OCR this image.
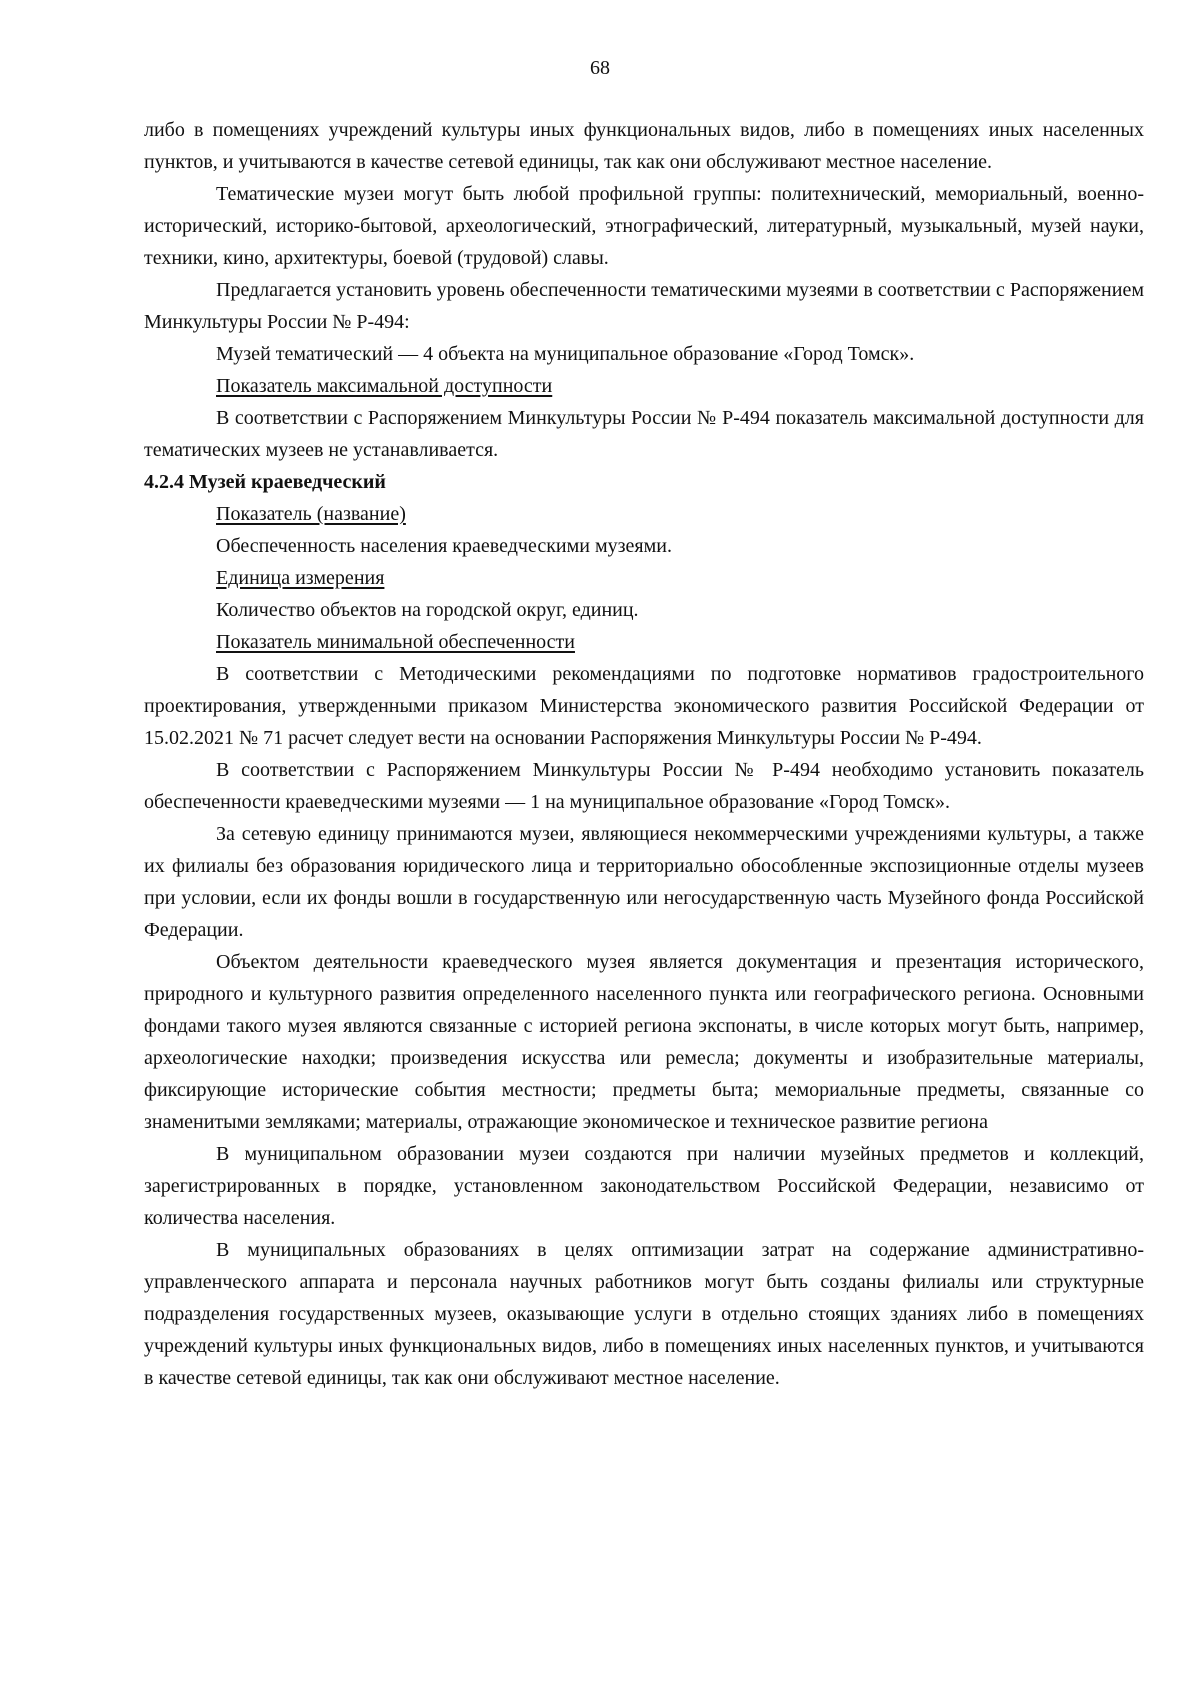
68

либо в помещениях учреждений культуры иных функциональных видов, либо в помещениях иных населенных пунктов, и учитываются в качестве сетевой единицы, так как они обслуживают местное население.

Тематические музеи могут быть любой профильной группы: политехнический, мемориальный, военно-исторический, историко-бытовой, археологический, этнографический, литературный, музыкальный, музей науки, техники, кино, архитектуры, боевой (трудовой) славы.

Предлагается установить уровень обеспеченности тематическими музеями в соответствии с Распоряжением Минкультуры России № Р-494:

Музей тематический — 4 объекта на муниципальное образование «Город Томск».

Показатель максимальной доступности

В соответствии с Распоряжением Минкультуры России № Р-494 показатель максимальной доступности для тематических музеев не устанавливается.

4.2.4 Музей краеведческий

Показатель (название)

Обеспеченность населения краеведческими музеями.

Единица измерения

Количество объектов на городской округ, единиц.

Показатель минимальной обеспеченности

В соответствии с Методическими рекомендациями по подготовке нормативов градостроительного проектирования, утвержденными приказом Министерства экономического развития Российской Федерации от 15.02.2021 № 71 расчет следует вести на основании Распоряжения Минкультуры России № Р-494.

В соответствии с Распоряжением Минкультуры России № Р-494 необходимо установить показатель обеспеченности краеведческими музеями — 1 на муниципальное образование «Город Томск».

За сетевую единицу принимаются музеи, являющиеся некоммерческими учреждениями культуры, а также их филиалы без образования юридического лица и территориально обособленные экспозиционные отделы музеев при условии, если их фонды вошли в государственную или негосударственную часть Музейного фонда Российской Федерации.

Объектом деятельности краеведческого музея является документация и презентация исторического, природного и культурного развития определенного населенного пункта или географического региона. Основными фондами такого музея являются связанные с историей региона экспонаты, в числе которых могут быть, например, археологические находки; произведения искусства или ремесла; документы и изобразительные материалы, фиксирующие исторические события местности; предметы быта; мемориальные предметы, связанные со знаменитыми земляками; материалы, отражающие экономическое и техническое развитие региона

В муниципальном образовании музеи создаются при наличии музейных предметов и коллекций, зарегистрированных в порядке, установленном законодательством Российской Федерации, независимо от количества населения.

В муниципальных образованиях в целях оптимизации затрат на содержание административно-управленческого аппарата и персонала научных работников могут быть созданы филиалы или структурные подразделения государственных музеев, оказывающие услуги в отдельно стоящих зданиях либо в помещениях учреждений культуры иных функциональных видов, либо в помещениях иных населенных пунктов, и учитываются в качестве сетевой единицы, так как они обслуживают местное население.
